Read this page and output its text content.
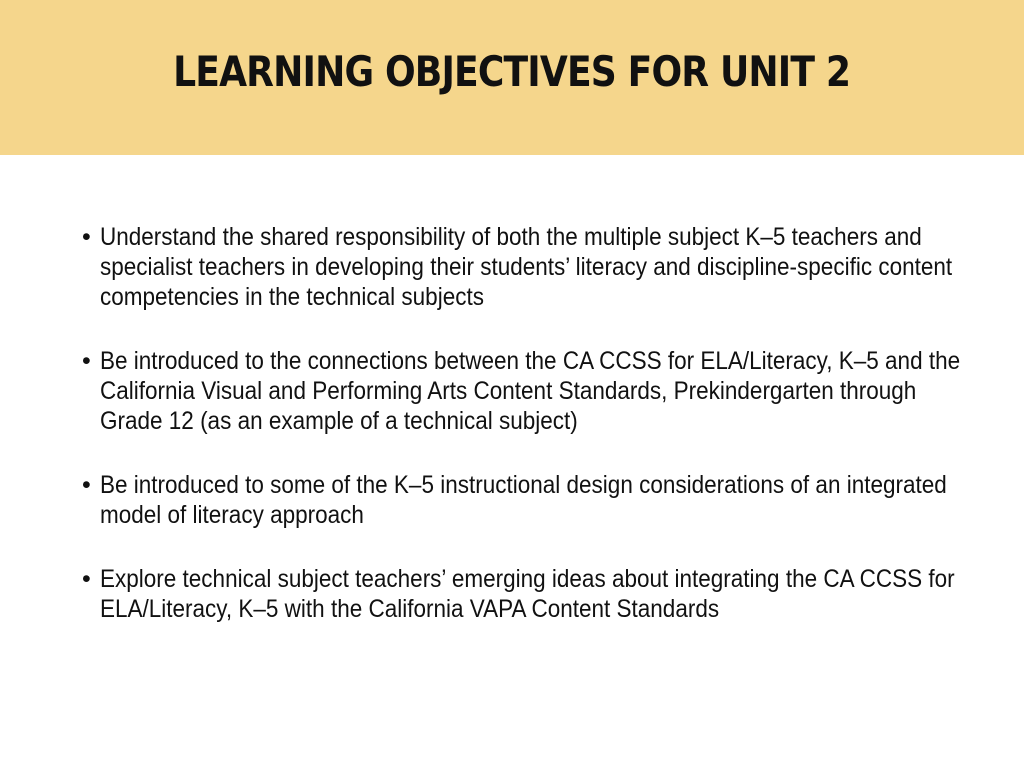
LEARNING OBJECTIVES FOR UNIT 2
• Understand the shared responsibility of both the multiple subject K–5 teachers and specialist teachers in developing their students’ literacy and discipline-specific content competencies in the technical subjects
• Be introduced to the connections between the CA CCSS for ELA/Literacy, K–5 and the California Visual and Performing Arts Content Standards, Prekindergarten through Grade 12 (as an example of a technical subject)
• Be introduced to some of the K–5 instructional design considerations of an integrated model of literacy approach
• Explore technical subject teachers’ emerging ideas about integrating the CA CCSS for ELA/Literacy, K–5 with the California VAPA Content Standards
